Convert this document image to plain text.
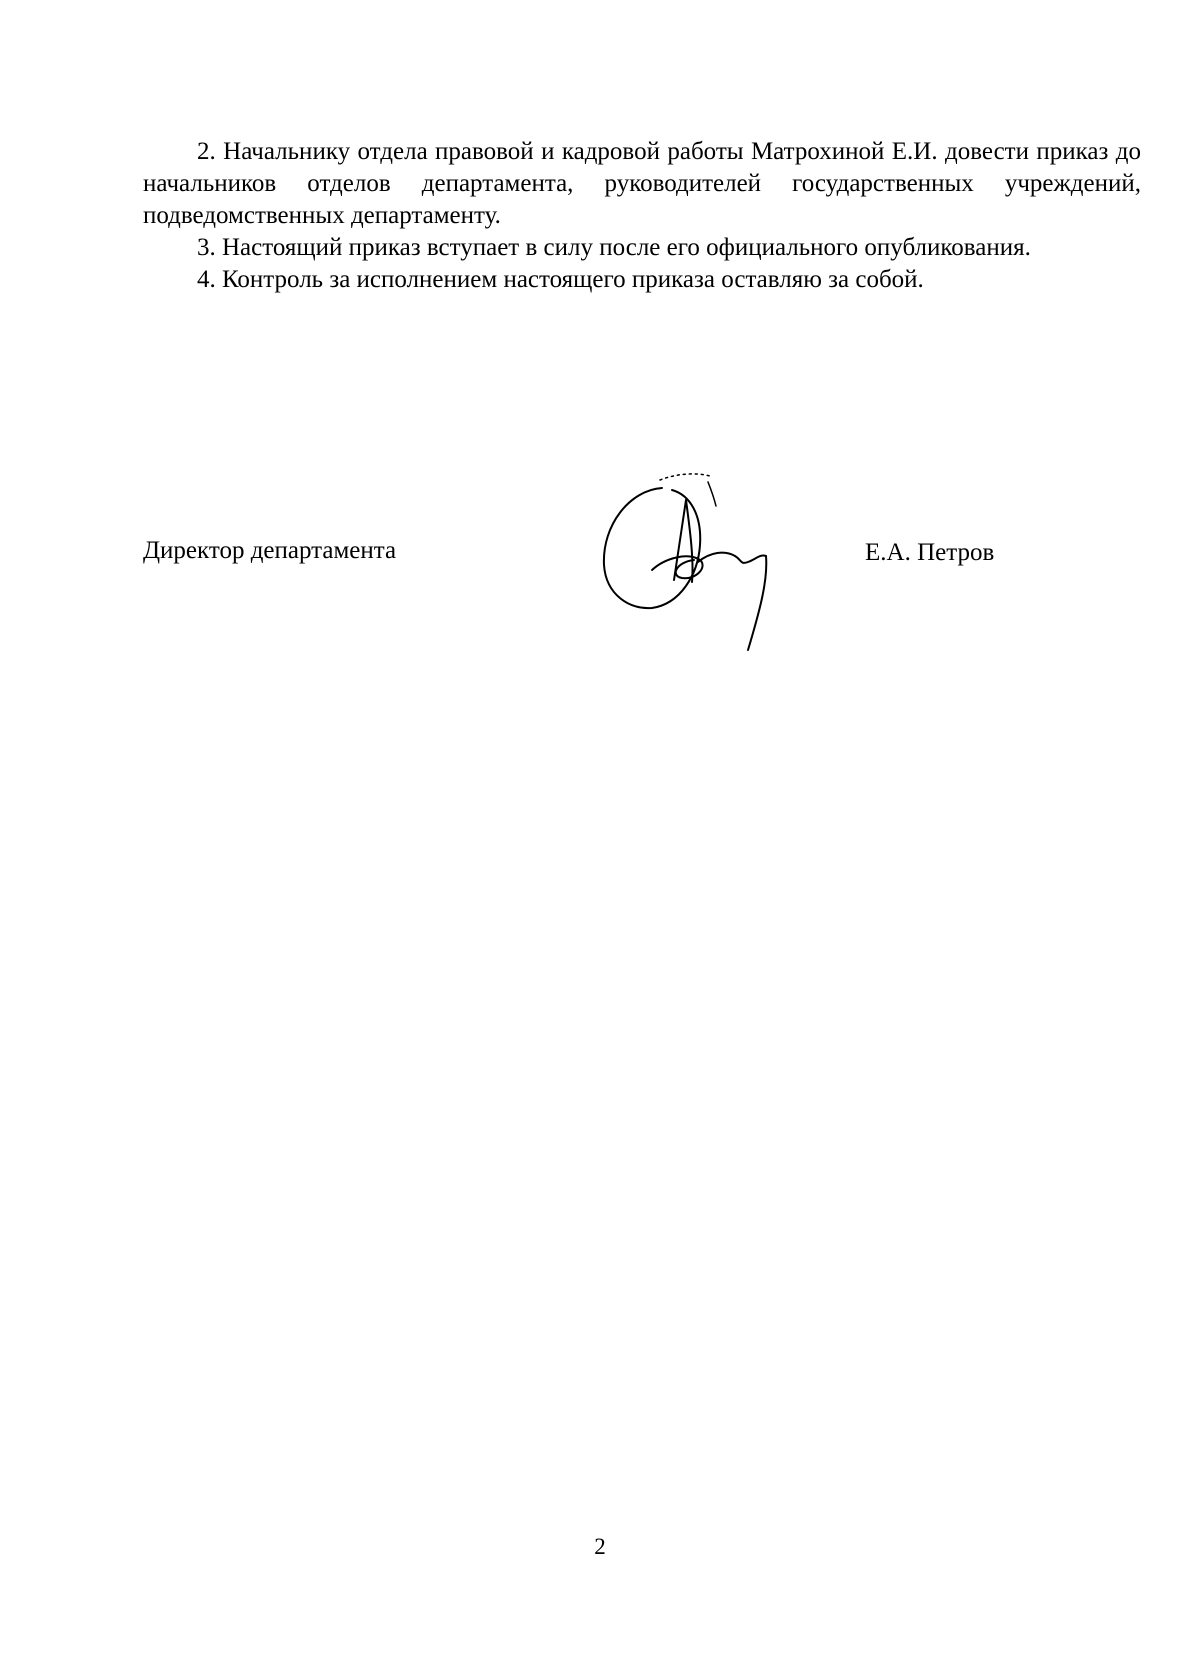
2. Начальнику отдела правовой и кадровой работы Матрохиной Е.И. довести приказ до начальников отделов департамента, руководителей государственных учреждений, подведомственных департаменту.

3. Настоящий приказ вступает в силу после его официального опубликования.

4. Контроль за исполнением настоящего приказа оставляю за собой.

Директор департамента	Е.А. Петров
2
